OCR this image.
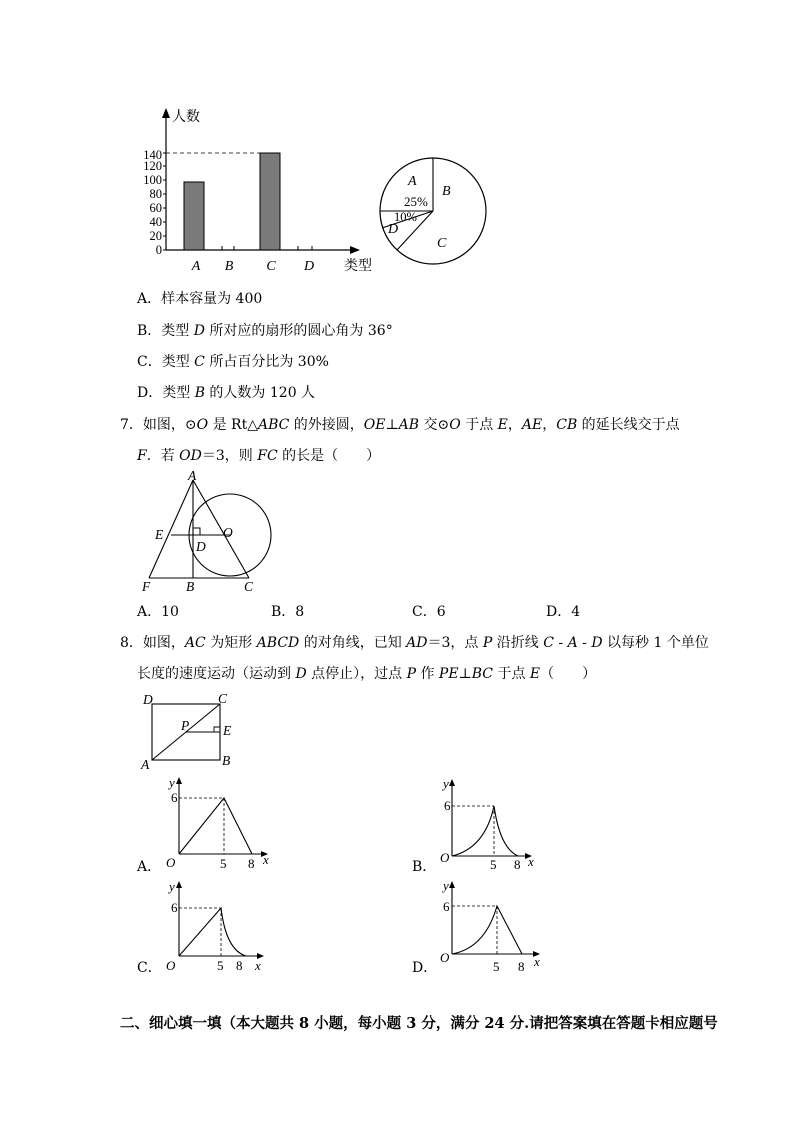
0
20
40
60
80
100
120
140
A B C D
人数
类型
A
25%
B
C
10%
D
A．样本容量为 400
B．类型 D 所对应的扇形的圆心角为 36°
C．类型 C 所占百分比为 30%
D．类型 B 的人数为 120 人
7．如图，⊙O 是 Rt△ABC 的外接圆，OE⊥AB 交⊙O 于点 E，AE，CB 的延长线交于点
F．若 OD＝3，则 FC 的长是（　　）
A
E	O
D
F	B	C
A．10	B．8	C．6	D．4
8．如图，AC 为矩形 ABCD 的对角线，已知 AD＝3，点 P 沿折线 C - A - D 以每秒 1 个单位
长度的速度运动（运动到 D 点停止），过点 P 作 PE⊥BC 于点 E（　　）
D	C
P	E
A	B
A．
y
6
O	5 8 x	B．
y
6
O	5 8 x
C．
y
6
O	5 8 x	D．
y
6
O
5 8 x
二、细心填一填（本大题共 8 小题，每小题 3 分，满分 24 分.请把答案填在答题卡相应题号
